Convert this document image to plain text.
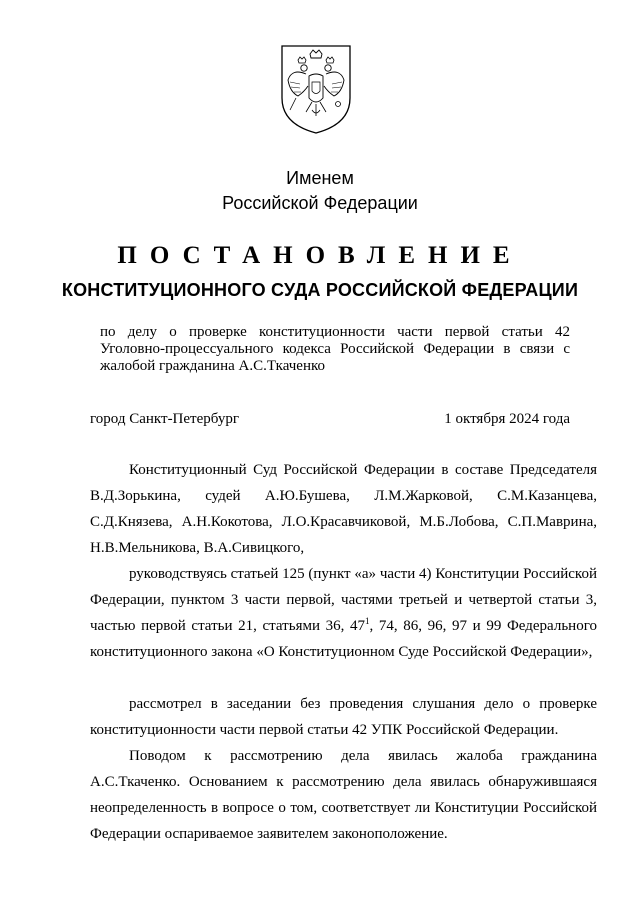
Именем
Российской Федерации
ПОСТАНОВЛЕНИЕ
КОНСТИТУЦИОННОГО СУДА РОССИЙСКОЙ ФЕДЕРАЦИИ
по делу о проверке конституционности части первой статьи 42 Уголовно-процессуального кодекса Российской Федерации в связи с жалобой гражданина А.С.Ткаченко
город Санкт-Петербург	1 октября 2024 года

Конституционный Суд Российской Федерации в составе Председателя В.Д.Зорькина, судей А.Ю.Бушева, Л.М.Жарковой, С.М.Казанцева, С.Д.Князева, А.Н.Кокотова, Л.О.Красавчиковой, М.Б.Лобова, С.П.Маврина, Н.В.Мельникова, В.А.Сивицкого,

руководствуясь статьей 125 (пункт «а» части 4) Конституции Российской Федерации, пунктом 3 части первой, частями третьей и четвертой статьи 3, частью первой статьи 21, статьями 36, $47^1$, 74, 86, 96, 97 и 99 Федерального конституционного закона «О Конституционном Суде Российской Федерации»,

рассмотрел в заседании без проведения слушания дело о проверке конституционности части первой статьи 42 УПК Российской Федерации.

Поводом к рассмотрению дела явилась жалоба гражданина А.С.Ткаченко. Основанием к рассмотрению дела явилась обнаружившаяся неопределенность в вопросе о том, соответствует ли Конституции Российской Федерации оспариваемое заявителем законоположение.
